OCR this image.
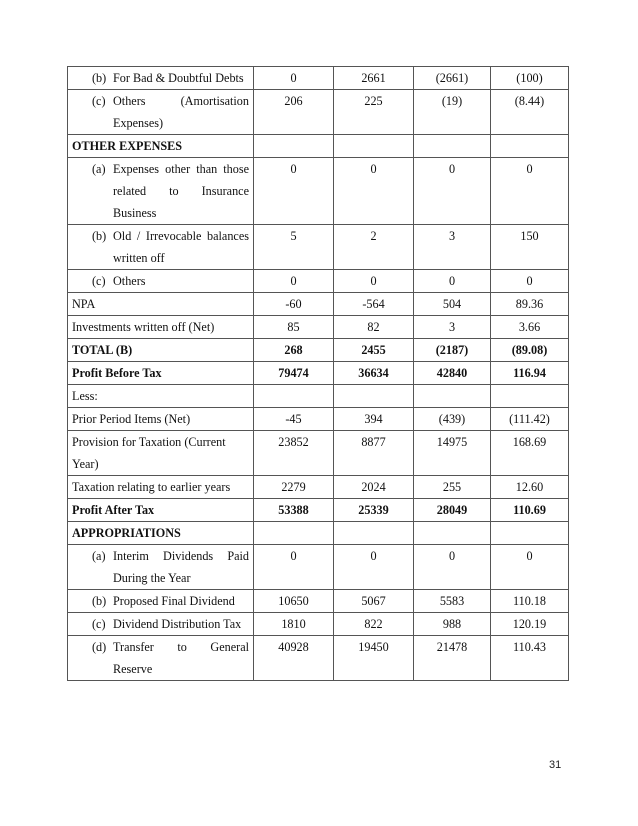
(b) For Bad & Doubtful Debts	0	2661	(2661)	(100)

(c) Others (Amortisation Expenses)	206	225	(19)	(8.44)
OTHER EXPENSES				

(a) Expenses other than those related to Insurance Business	0	0	0	0

(b) Old / Irrevocable balances written off	5	2	3	150

(c) Others	0	0	0	0
NPA	-60	-564	504	89.36
Investments written off (Net)	85	82	3	3.66
TOTAL (B)	268	2455	(2187)	(89.08)
Profit Before Tax	79474	36634	42840	116.94
Less:				
Prior Period Items (Net)	-45	394	(439)	(111.42)
Provision for Taxation (Current Year)	23852	8877	14975	168.69
Taxation relating to earlier years	2279	2024	255	12.60
Profit After Tax	53388	25339	28049	110.69
APPROPRIATIONS				

(a) Interim Dividends Paid During the Year	0	0	0	0

(b) Proposed Final Dividend	10650	5067	5583	110.18

(c) Dividend Distribution Tax	1810	822	988	120.19

(d) Transfer to General Reserve	40928	19450	21478	110.43
31
